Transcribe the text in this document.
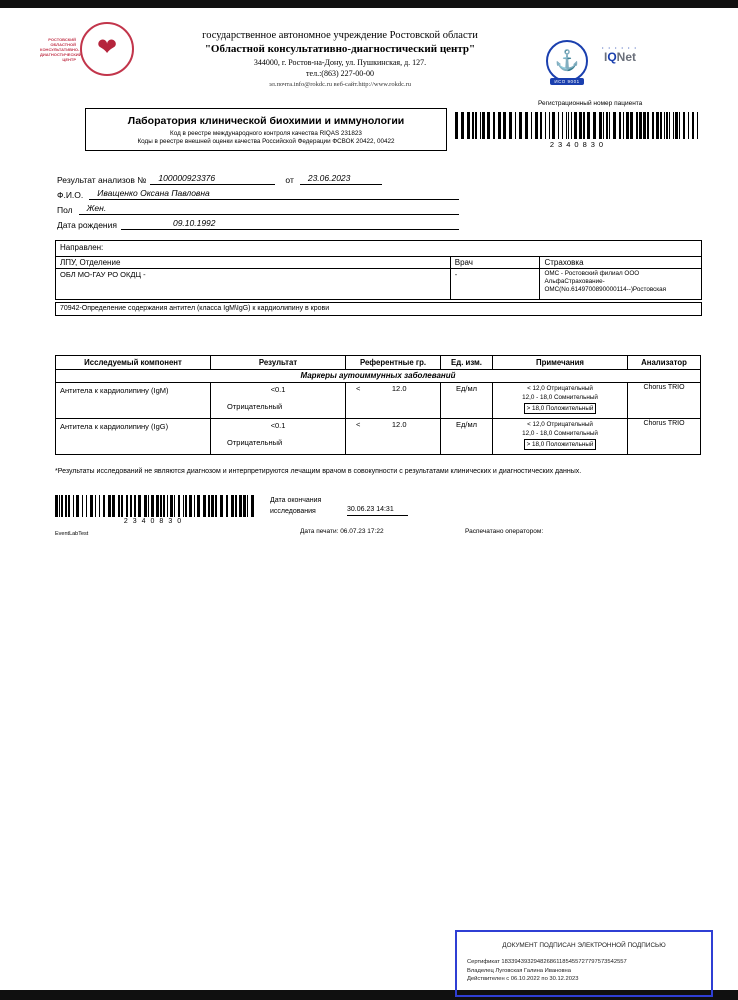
РОСТОВСКИЙ
ОБЛАСТНОЙ
КОНСУЛЬТАТИВНО-
ДИАГНОСТИЧЕСКИЙ
ЦЕНТР ❤	государственное автономное учреждение Ростовской области
"Областной консультативно-диагностический центр"
344000, г. Ростов-на-Дону, ул. Пушкинская, д. 127.
тел.:(863) 227-00-00
эл.почта.info@rokdc.ru веб-сайт.http://www.rokdc.ru
⚓
ИСО 9001
• • • • • •
IQNet
Регистрационный номер пациента
2340830
Лаборатория клинической биохимии и иммунологии
Код в реестре международного контроля качества RIQAS 231823
Коды в реестре внешней оценки качества Российской Федерации ФСВОК 20422, 00422
Результат анализов №	100000923376	от	23.06.2023
Ф.И.О.	Иващенко Оксана Павловна
Пол	Жен.
Дата рождения	09.10.1992
Направлен:
ЛПУ, Отделение	Врач	Страховка
ОБЛ МО-ГАУ РО ОКДЦ -	-	ОМС - Ростовский филиал ООО
АльфаСтрахование-
ОМС(No.6149700890000114--)Ростовская
70942-Определение содержания антител (класса IgM\IgG) к кардиолипину в крови
Исследуемый компонент	Результат	Референтные гр.	Ед. изм.	Примечания	Анализатор
Маркеры аутоиммунных заболеваний					
Антитела к кардиолипину (IgM)	<0.1
Отрицательный

<	12.0	Ед/мл	< 12,0 Отрицательный
12,0 - 18,0 Сомнительный
> 18,0 Положительный	Chorus TRIO
Антитела к кардиолипину (IgG)	<0.1
Отрицательный

<	12.0	Ед/мл	< 12,0 Отрицательный
12,0 - 18,0 Сомнительный
> 18,0 Положительный	Chorus TRIO
*Результаты исследований не являются диагнозом и интерпретируются лечащим врачом в совокупности с результатами клинических и диагностических данных.
2340830
Дата окончания
исследования	30.06.23 14:31
EventLabTest	Дата печати: 06.07.23 17:22	Распечатано оператором:
ДОКУМЕНТ ПОДПИСАН ЭЛЕКТРОННОЙ ПОДПИСЬЮ
Сертификат 183394393294826861185455727797573542557
Владелец Луговская Галина Ивановна
Действителен с 06.10.2022 по 30.12.2023
